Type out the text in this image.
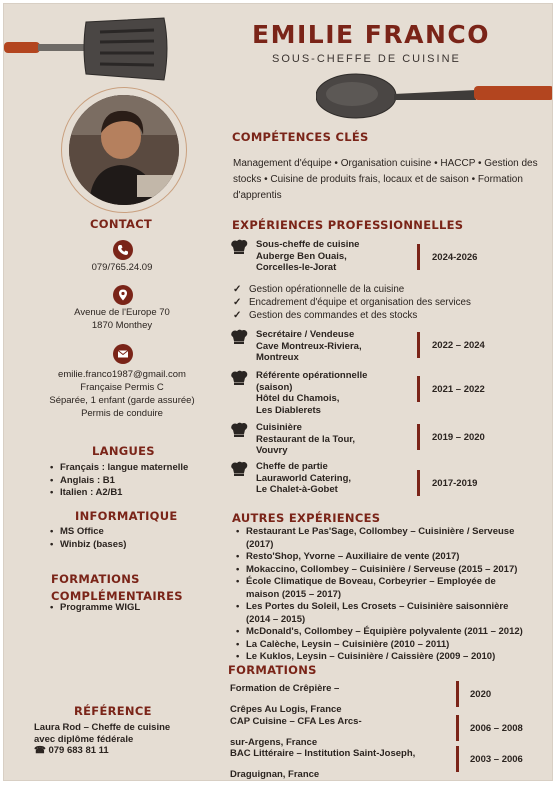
EMILIE FRANCO
SOUS-CHEFFE DE CUISINE
CONTACT
079/765.24.09
Avenue de l'Europe 70
1870 Monthey
emilie.franco1987@gmail.com
Française Permis C
Séparée, 1 enfant (garde assurée)
Permis de conduire
LANGUES
• Français : langue maternelle
• Anglais : B1
• Italien : A2/B1
INFORMATIQUE
• MS Office
• Winbiz (bases)
FORMATIONS
COMPLÉMENTAIRES
• Programme WIGL
RÉFÉRENCE
Laura Rod – Cheffe de cuisine
avec diplôme fédérale
☎ 079 683 81 11
COMPÉTENCES CLÉS
Management d'équipe • Organisation cuisine • HACCP • Gestion des stocks • Cuisine de produits frais, locaux et de saison • Formation d'apprentis
EXPÉRIENCES PROFESSIONNELLES
Sous-cheffe de cuisine
Auberge Ben Ouais,
Corcelles-le-Jorat
2024-2026
✓ Gestion opérationnelle de la cuisine
✓ Encadrement d'équipe et organisation des services
✓ Gestion des commandes et des stocks
Secrétaire / Vendeuse
Cave Montreux-Riviera,
Montreux
2022 – 2024
Référente opérationnelle
(saison)
Hôtel du Chamois,
Les Diablerets
2021 – 2022
Cuisinière
Restaurant de la Tour,
Vouvry
2019 – 2020
Cheffe de partie
Lauraworld Catering,
Le Chalet-à-Gobet
2017-2019
AUTRES EXPÉRIENCES
• Restaurant Le Pas'Sage, Collombey – Cuisinière / Serveuse
(2017)
• Resto'Shop, Yvorne – Auxiliaire de vente (2017)
• Mokaccino, Collombey – Cuisinière / Serveuse (2015 – 2017)
• École Climatique de Boveau, Corbeyrier – Employée de
maison (2015 – 2017)
• Les Portes du Soleil, Les Crosets – Cuisinière saisonnière
(2014 – 2015)
• McDonald's, Collombey – Équipière polyvalente (2011 – 2012)
• La Calèche, Leysin – Cuisinière (2010 – 2011)
• Le Kuklos, Leysin – Cuisinière / Caissière (2009 – 2010)
FORMATIONS
Formation de Crêpière –
Crêpes Au Logis, France
2020
CAP Cuisine – CFA Les Arcs-
sur-Argens, France
2006 – 2008
BAC Littéraire – Institution Saint-Joseph,
Draguignan, France
2003 – 2006
